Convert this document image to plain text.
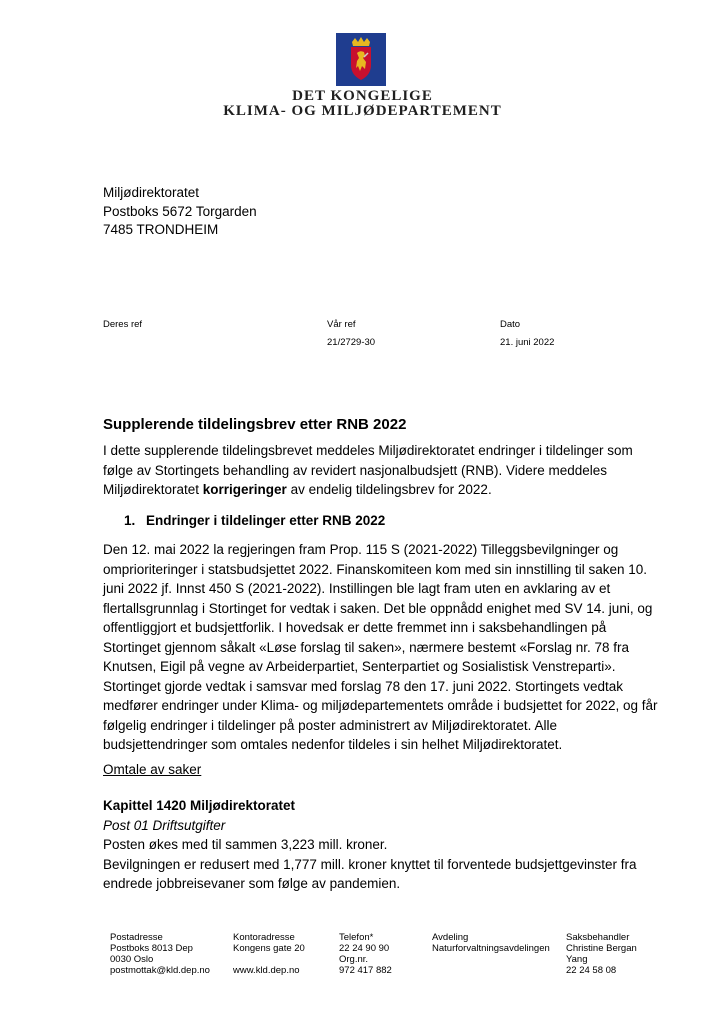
DET KONGELIGE
KLIMA- OG MILJØDEPARTEMENT
Miljødirektoratet
Postboks 5672 Torgarden
7485 TRONDHEIM
Deres ref	Vår ref
21/2729-30
Dato
21. juni 2022
Supplerende tildelingsbrev etter RNB 2022

I dette supplerende tildelingsbrevet meddeles Miljødirektoratet endringer i tildelinger som

følge av Stortingets behandling av revidert nasjonalbudsjett (RNB). Videre meddeles

Miljødirektoratet korrigeringer av endelig tildelingsbrev for 2022.

1. Endringer i tildelinger etter RNB 2022

Den 12. mai 2022 la regjeringen fram Prop. 115 S (2021-2022) Tilleggsbevilgninger og

omprioriteringer i statsbudsjettet 2022. Finanskomiteen kom med sin innstilling til saken 10.

juni 2022 jf. Innst 450 S (2021-2022). Instillingen ble lagt fram uten en avklaring av et

flertallsgrunnlag i Stortinget for vedtak i saken. Det ble oppnådd enighet med SV 14. juni, og

offentliggjort et budsjettforlik. I hovedsak er dette fremmet inn i saksbehandlingen på

Stortinget gjennom såkalt «Løse forslag til saken», nærmere bestemt «Forslag nr. 78 fra

Knutsen, Eigil på vegne av Arbeiderpartiet, Senterpartiet og Sosialistisk Venstreparti».

Stortinget gjorde vedtak i samsvar med forslag 78 den 17. juni 2022. Stortingets vedtak

medfører endringer under Klima- og miljødepartementets område i budsjettet for 2022, og får

følgelig endringer i tildelinger på poster administrert av Miljødirektoratet. Alle

budsjettendringer som omtales nedenfor tildeles i sin helhet Miljødirektoratet.

Omtale av saker

Kapittel 1420 Miljødirektoratet

Post 01 Driftsutgifter

Posten økes med til sammen 3,223 mill. kroner.

Bevilgningen er redusert med 1,777 mill. kroner knyttet til forventede budsjettgevinster fra

endrede jobbreisevaner som følge av pandemien.

Postadresse
Postboks 8013 Dep
0030 Oslo
postmottak@kld.dep.no
Kontoradresse
Kongens gate 20

www.kld.dep.no
Telefon*
22 24 90 90
Org.nr.
972 417 882
Avdeling
Naturforvaltningsavdelingen
Saksbehandler
Christine Bergan
Yang
22 24 58 08
